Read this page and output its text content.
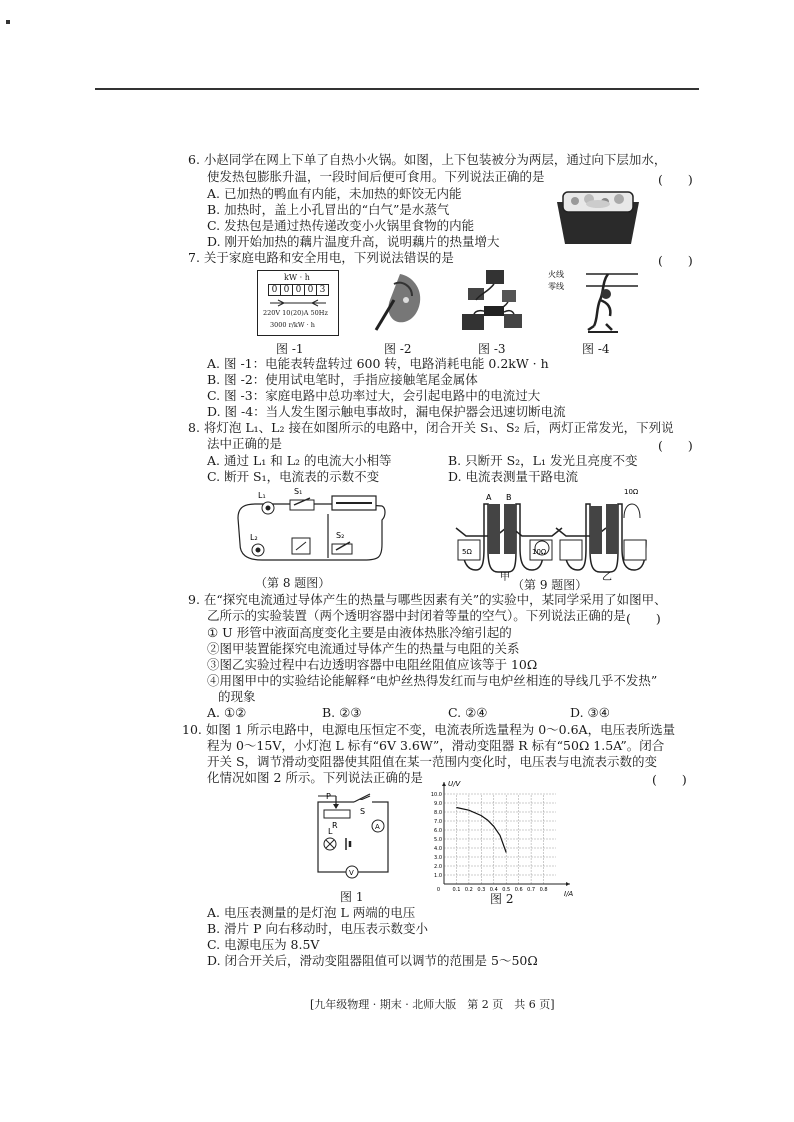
6. 小赵同学在网上下单了自热小火锅。如图，上下包装被分为两层，通过向下层加水，
使发热包膨胀升温，一段时间后便可食用。下列说法正确的是	(　　)
A. 已加热的鸭血有内能，未加热的虾饺无内能
B. 加热时，盖上小孔冒出的“白气”是水蒸气
C. 发热包是通过热传递改变小火锅里食物的内能
D. 刚开始加热的藕片温度升高，说明藕片的热量增大
7. 关于家庭电路和安全用电，下列说法错误的是	(　　)
kW · h
0 0 0 0 3
220V 10(20)A 50Hz
3000 r/kW · h
火线
零线
图 -1	图 -2	图 -3	图 -4
A. 图 -1：电能表转盘转过 600 转，电路消耗电能 0.2kW · h
B. 图 -2：使用试电笔时，手指应接触笔尾金属体
C. 图 -3：家庭电路中总功率过大，会引起电路中的电流过大
D. 图 -4：当人发生图示触电事故时，漏电保护器会迅速切断电流
8. 将灯泡 L₁、L₂ 接在如图所示的电路中，闭合开关 S₁、S₂ 后，两灯正常发光，下列说
法中正确的是	(　　)
A. 通过 L₁ 和 L₂ 的电流大小相等	B. 只断开 S₂，L₁ 发光且亮度不变
C. 断开 S₁，电流表的示数不变	D. 电流表测量干路电流
S₁
S₂
L₁
L₂
（第 8 题图）
A B
5Ω	10Ω
10Ω
甲	乙
（第 9 题图）
9. 在“探究电流通过导体产生的热量与哪些因素有关”的实验中，某同学采用了如图甲、
乙所示的实验装置（两个透明容器中封闭着等量的空气）。下列说法正确的是 (　　)
① U 形管中液面高度变化主要是由液体热胀冷缩引起的
②图甲装置能探究电流通过导体产生的热量与电阻的关系
③图乙实验过程中右边透明容器中电阻丝阻值应该等于 10Ω
④用图甲中的实验结论能解释“电炉丝热得发红而与电炉丝相连的导线几乎不发热”
的现象
A. ①②	B. ②③	C. ②④	D. ③④
10. 如图 1 所示电路中，电源电压恒定不变，电流表所选量程为 0～0.6A，电压表所选量
程为 0～15V，小灯泡 L 标有“6V 3.6W”，滑动变阻器 R 标有“50Ω 1.5A”。闭合
开关 S，调节滑动变阻器使其阻值在某一范围内变化时，电压表与电流表示数的变
化情况如图 2 所示。下列说法正确的是	(　　)
P
R
S
L	A
V
图 1
1.0
2.0
3.0
4.0
5.0
6.0
7.0
8.0
9.0
10.0
0.1 0.2 0.3 0.4 0.5 0.6 0.7 0.8
0	I/A
U/V
图 2
A. 电压表测量的是灯泡 L 两端的电压
B. 滑片 P 向右移动时，电压表示数变小
C. 电源电压为 8.5V
D. 闭合开关后，滑动变阻器阻值可以调节的范围是 5～50Ω
[九年级物理 · 期末 · 北师大版　第 2 页　共 6 页]
